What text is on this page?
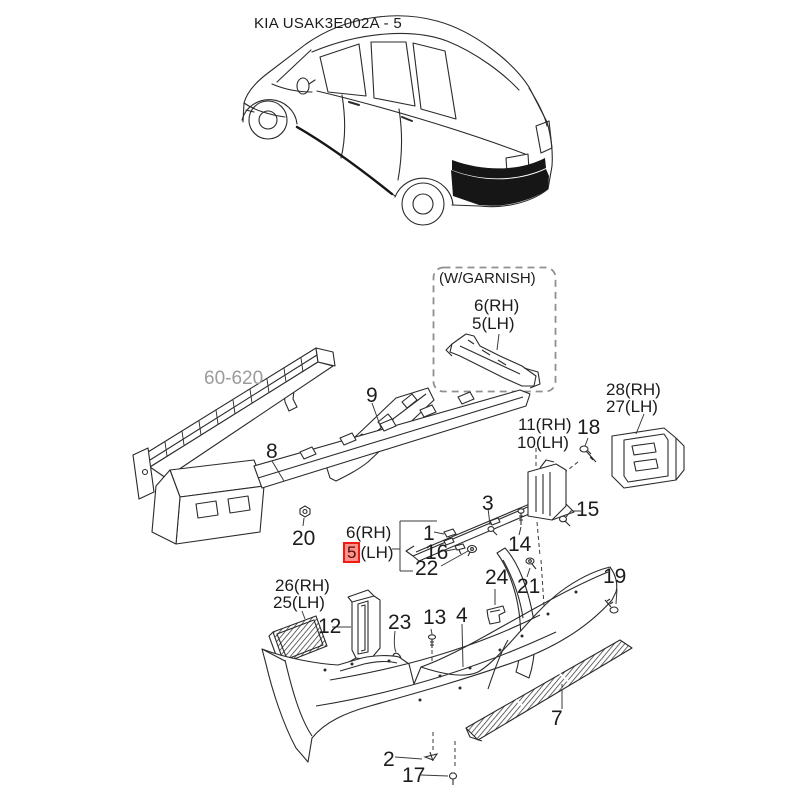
KIA USAK3E002A - 5
60-620
(W/GARNISH)
6(RH)
5(LH)
9
8
20 6(RH)
5 (LH)
1
16
22
3
14
21
24
15
19
18
11(RH)
10(LH)
28(RH)
27(LH)
26(RH)
25(LH)
12 23 13 4
7
2
17
